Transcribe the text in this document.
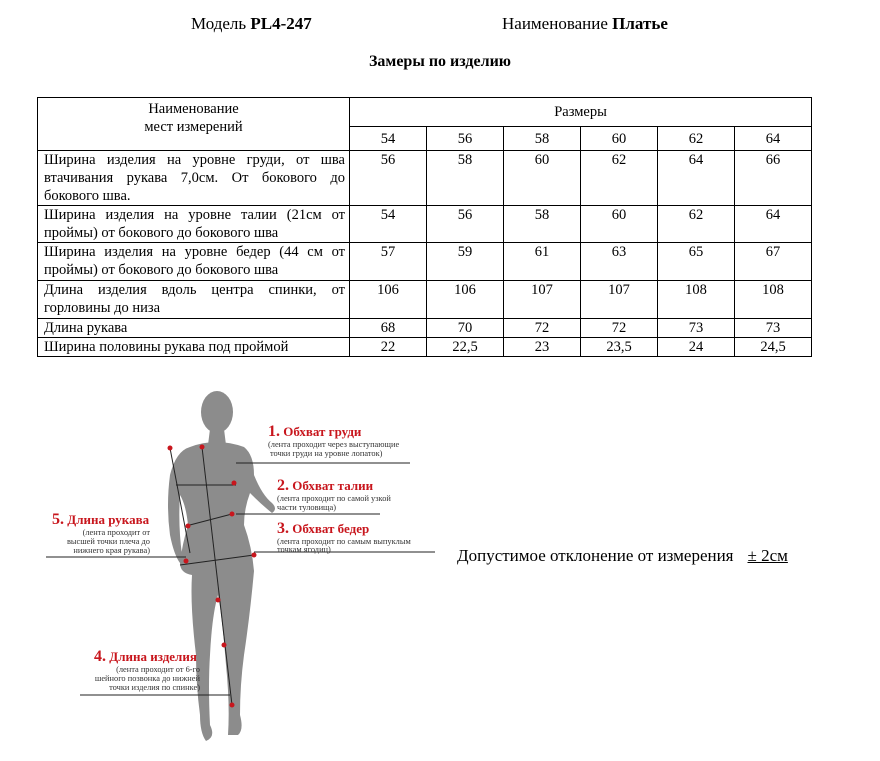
Модель PL4-247	Наименование Платье
Замеры по изделию
Наименование
мест измерений	Размеры					
	54	56	58	60	62	64
Ширина изделия на уровне груди, от шва втачивания рукава 7,0см. От бокового до бокового шва.	56	58	60	62	64	66
Ширина изделия на уровне талии (21см от проймы) от бокового до бокового шва	54	56	58	60	62	64
Ширина изделия на уровне бедер (44 см от проймы) от бокового до бокового шва	57	59	61	63	65	67
Длина изделия вдоль центра спинки, от горловины до низа	106	106	107	107	108	108
Длина рукава	68	70	72	72	73	73
Ширина половины рукава под проймой	22	22,5	23	23,5	24	24,5
1. Обхват груди
(лента проходит через выступающие
точки груди на уровне лопаток)
2. Обхват талии
(лента проходит по самой узкой
части туловища)
3. Обхват бедер
(лента проходит по самым выпуклым
точкам ягодиц)
5. Длина рукава
(лента проходит от
высшей точки плеча до
нижнего края рукава)
4. Длина изделия
(лента проходит от 6-го
шейного позвонка до нижней
точки изделия по спинке)
Допустимое отклонение от измерения ± 2см
